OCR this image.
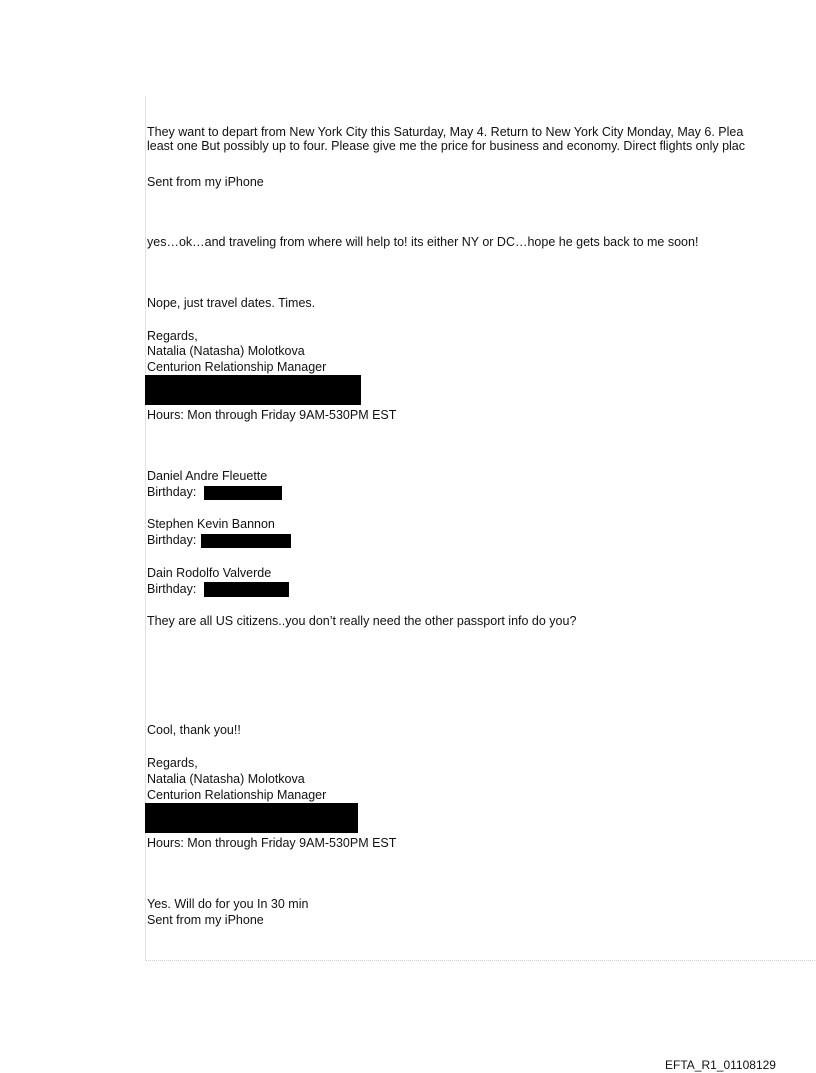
They want to depart from New York City this Saturday, May 4. Return to New York City Monday, May 6. Plea
least one But possibly up to four. Please give me the price for business and economy. Direct flights only plac
Sent from my iPhone
yes…ok…and traveling from where will help to! its either NY or DC…hope he gets back to me soon!
Nope, just travel dates. Times.
Regards,
Natalia (Natasha) Molotkova
Centurion Relationship Manager
Hours: Mon through Friday 9AM-530PM EST
Daniel Andre Fleuette
Birthday:
Stephen Kevin Bannon
Birthday:
Dain Rodolfo Valverde
Birthday:
They are all US citizens..you don’t really need the other passport info do you?
Cool, thank you!!
Regards,
Natalia (Natasha) Molotkova
Centurion Relationship Manager
Hours: Mon through Friday 9AM-530PM EST
Yes. Will do for you In 30 min
Sent from my iPhone
EFTA_R1_01108129
